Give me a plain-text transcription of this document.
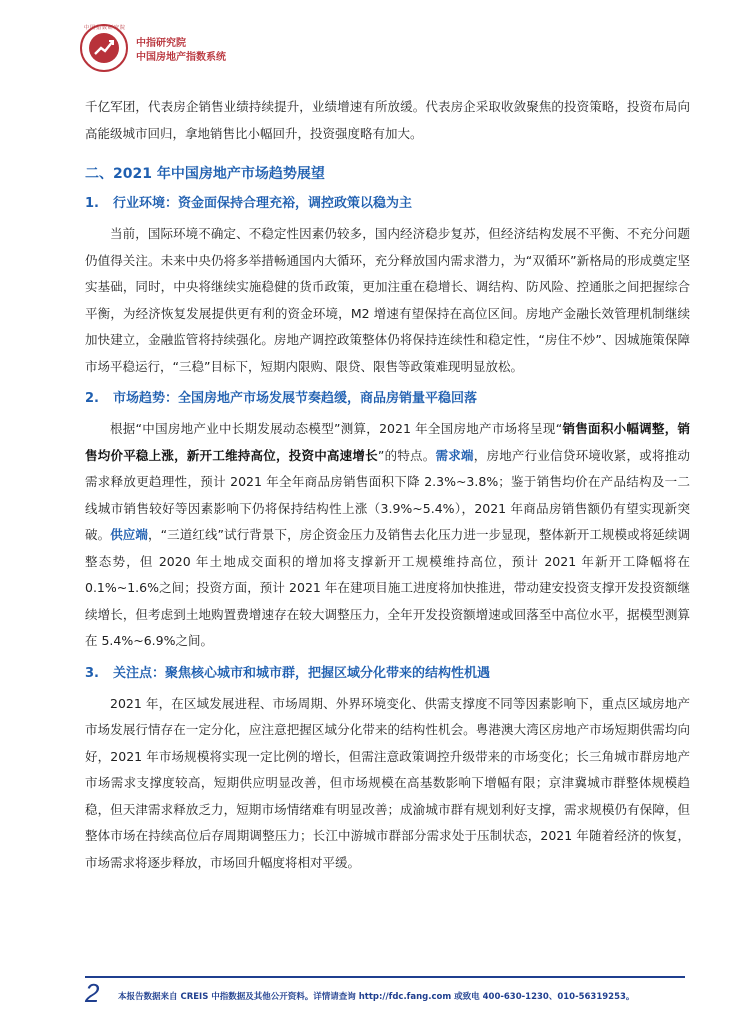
中国指数研究院
中指研究院
中国房地产指数系统

千亿军团，代表房企销售业绩持续提升，业绩增速有所放缓。代表房企采取收敛聚焦的投资策略，投资布局向高能级城市回归，拿地销售比小幅回升，投资强度略有加大。

二、2021 年中国房地产市场趋势展望
1. 行业环境：资金面保持合理充裕，调控政策以稳为主

当前，国际环境不确定、不稳定性因素仍较多，国内经济稳步复苏，但经济结构发展不平衡、不充分问题仍值得关注。未来中央仍将多举措畅通国内大循环，充分释放国内需求潜力，为“双循环”新格局的形成奠定坚实基础，同时，中央将继续实施稳健的货币政策，更加注重在稳增长、调结构、防风险、控通胀之间把握综合平衡，为经济恢复发展提供更有利的资金环境，M2 增速有望保持在高位区间。房地产金融长效管理机制继续加快建立，金融监管将持续强化。房地产调控政策整体仍将保持连续性和稳定性，“房住不炒”、因城施策保障市场平稳运行，“三稳”目标下，短期内限购、限贷、限售等政策难现明显放松。

2. 市场趋势：全国房地产市场发展节奏趋缓，商品房销量平稳回落

根据“中国房地产业中长期发展动态模型”测算，2021 年全国房地产市场将呈现“销售面积小幅调整，销售均价平稳上涨，新开工维持高位，投资中高速增长”的特点。需求端，房地产行业信贷环境收紧，或将推动需求释放更趋理性，预计 2021 年全年商品房销售面积下降 2.3%~3.8%；鉴于销售均价在产品结构及一二线城市销售较好等因素影响下仍将保持结构性上涨（3.9%~5.4%），2021 年商品房销售额仍有望实现新突破。供应端，“三道红线”试行背景下，房企资金压力及销售去化压力进一步显现，整体新开工规模或将延续调整态势，但 2020 年土地成交面积的增加将支撑新开工规模维持高位，预计 2021 年新开工降幅将在 0.1%~1.6%之间；投资方面，预计 2021 年在建项目施工进度将加快推进，带动建安投资支撑开发投资额继续增长，但考虑到土地购置费增速存在较大调整压力，全年开发投资额增速或回落至中高位水平，据模型测算在 5.4%~6.9%之间。

3. 关注点：聚焦核心城市和城市群，把握区域分化带来的结构性机遇

2021 年，在区域发展进程、市场周期、外界环境变化、供需支撑度不同等因素影响下，重点区域房地产市场发展行情存在一定分化，应注意把握区域分化带来的结构性机会。粤港澳大湾区房地产市场短期供需均向好，2021 年市场规模将实现一定比例的增长，但需注意政策调控升级带来的市场变化；长三角城市群房地产市场需求支撑度较高，短期供应明显改善，但市场规模在高基数影响下增幅有限；京津冀城市群整体规模趋稳，但天津需求释放乏力，短期市场情绪难有明显改善；成渝城市群有规划利好支撑，需求规模仍有保障，但整体市场在持续高位后存周期调整压力；长江中游城市群部分需求处于压制状态，2021 年随着经济的恢复，市场需求将逐步释放，市场回升幅度将相对平缓。

2 本报告数据来自 CREIS 中指数据及其他公开资料。详情请查询 http://fdc.fang.com 或致电 400-630-1230、010-56319253。
